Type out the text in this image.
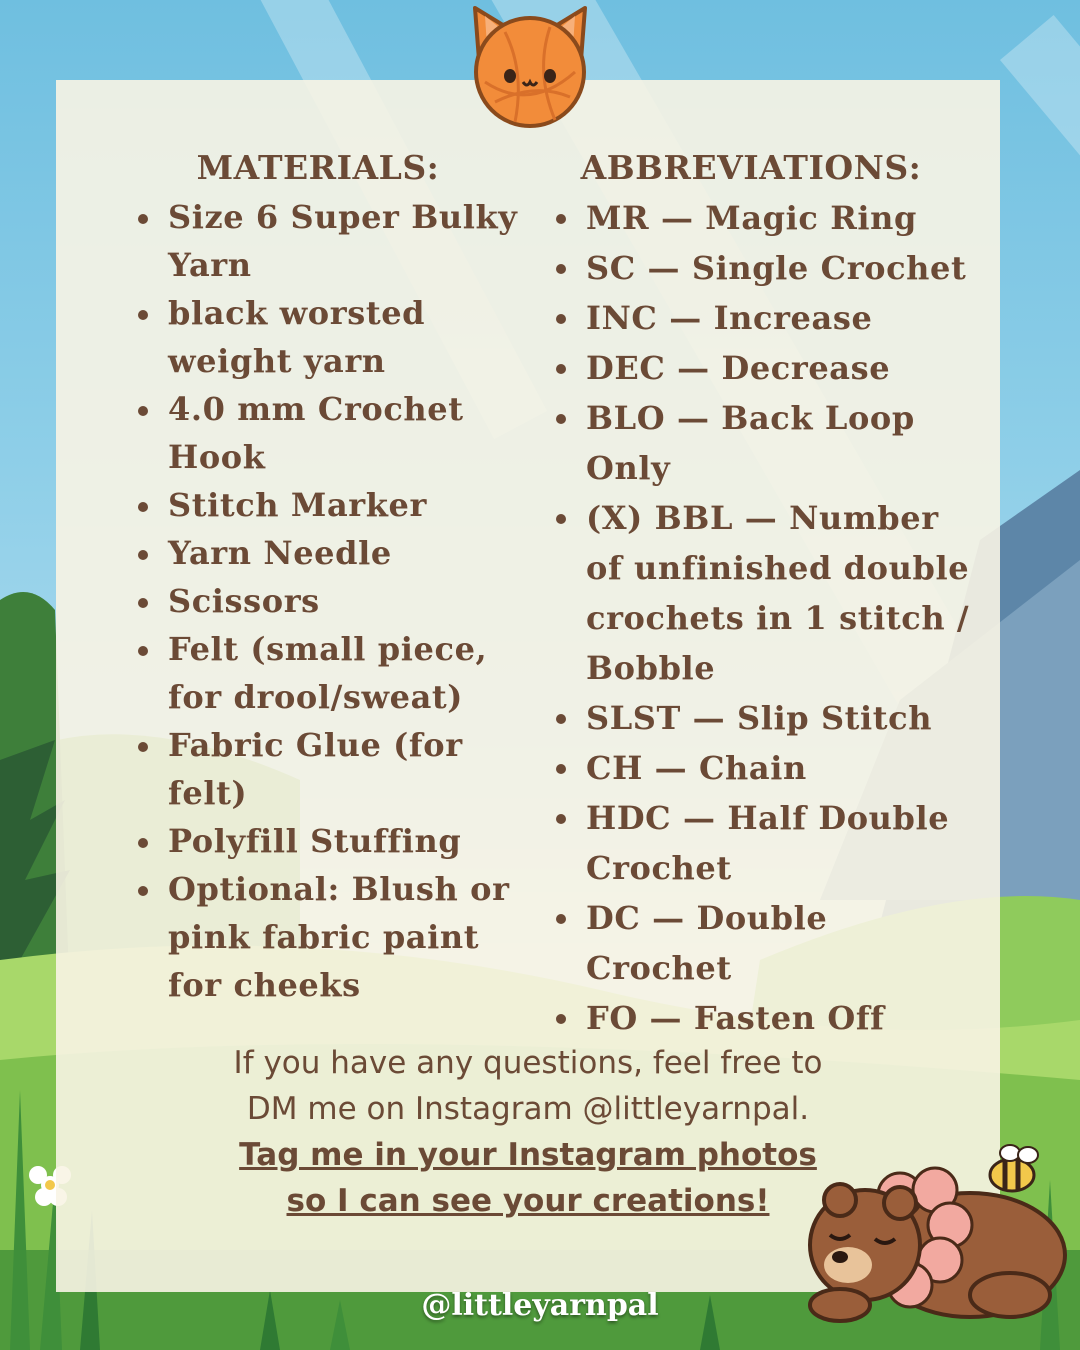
MATERIALS:
Size 6 Super Bulky Yarn
black worsted weight yarn
4.0 mm Crochet Hook
Stitch Marker
Yarn Needle
Scissors
Felt (small piece, for drool/sweat)
Fabric Glue (for felt)
Polyfill Stuffing
Optional: Blush or pink fabric paint for cheeks
ABBREVIATIONS:
MR — Magic Ring
SC — Single Crochet
INC — Increase
DEC — Decrease
BLO — Back Loop Only
(X) BBL — Number of unfinished double crochets in 1 stitch / Bobble
SLST — Slip Stitch
CH — Chain
HDC — Half Double Crochet
DC — Double Crochet
FO — Fasten Off
If you have any questions, feel free to DM me on Instagram @littleyarnpal.
Tag me in your Instagram photos so I can see your creations!
@littleyarnpal
